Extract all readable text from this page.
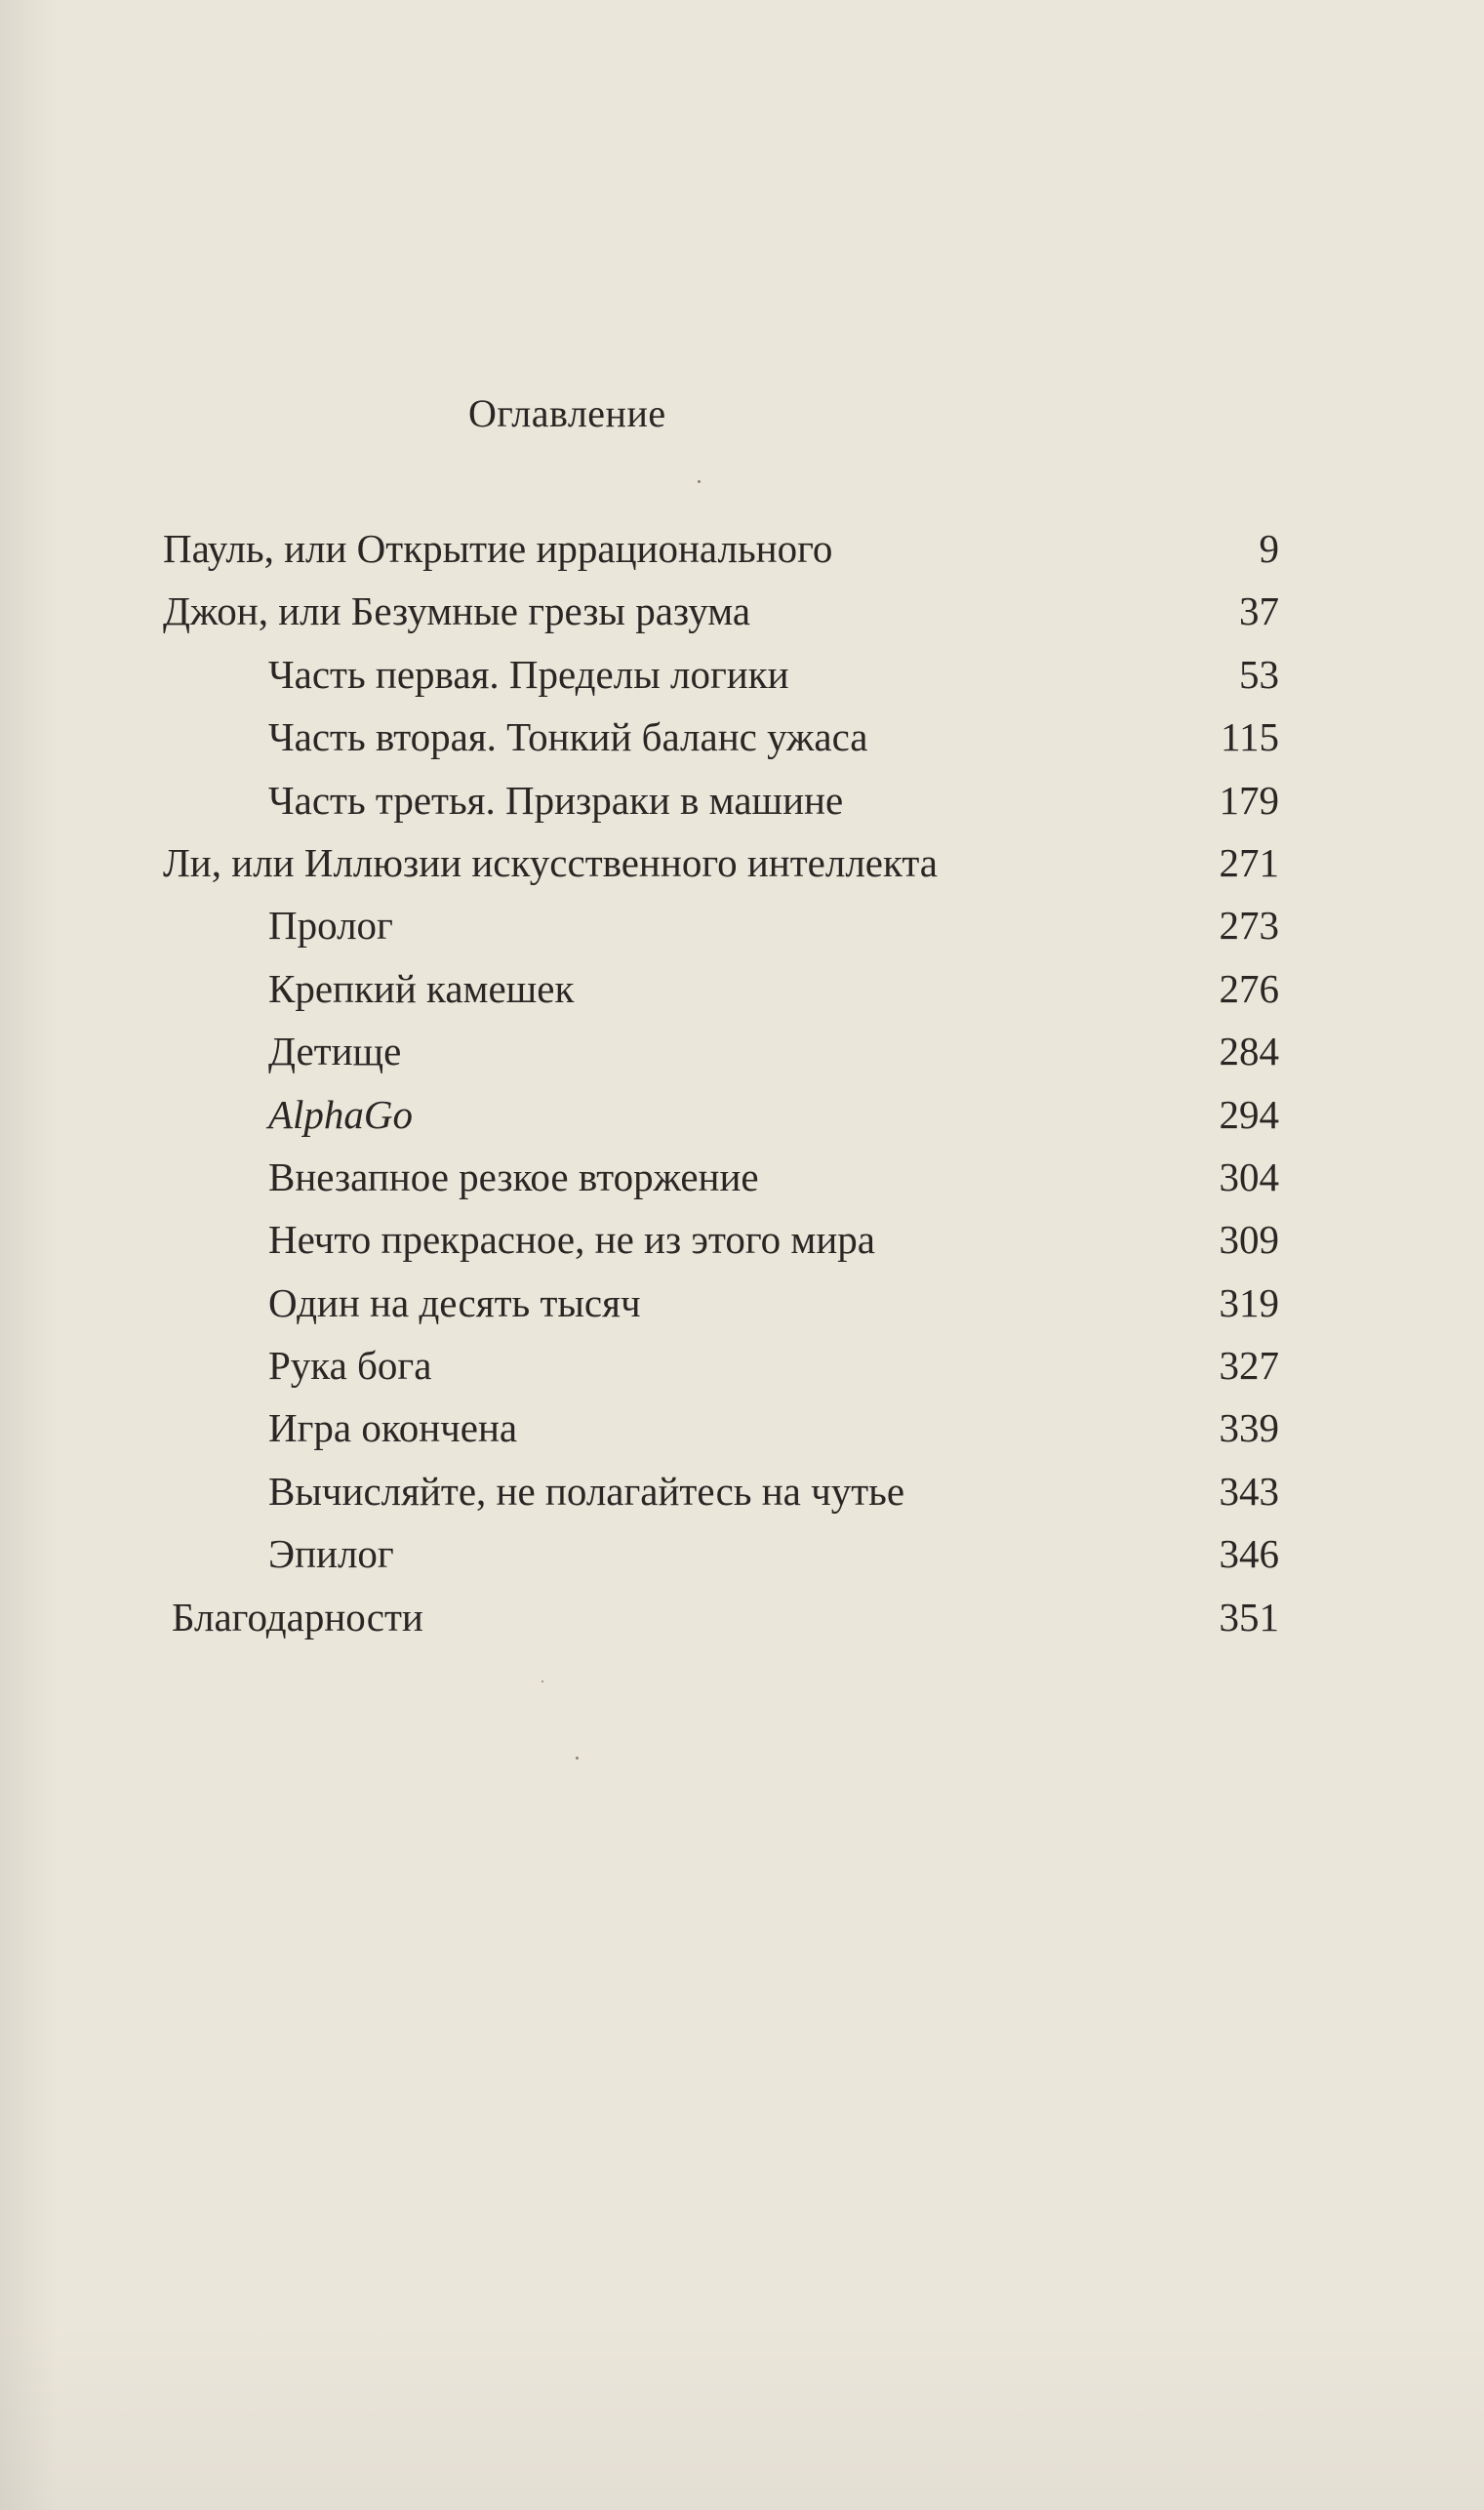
Оглавление
Пауль, или Открытие иррационального	9
Джон, или Безумные грезы разума	37
Часть первая. Пределы логики	53
Часть вторая. Тонкий баланс ужаса	115
Часть третья. Призраки в машине	179
Ли, или Иллюзии искусственного интеллекта	271
Пролог	273
Крепкий камешек	276
Детище	284
AlphaGo	294
Внезапное резкое вторжение	304
Нечто прекрасное, не из этого мира	309
Один на десять тысяч	319
Рука бога	327
Игра окончена	339
Вычисляйте, не полагайтесь на чутье	343
Эпилог	346
Благодарности	351
